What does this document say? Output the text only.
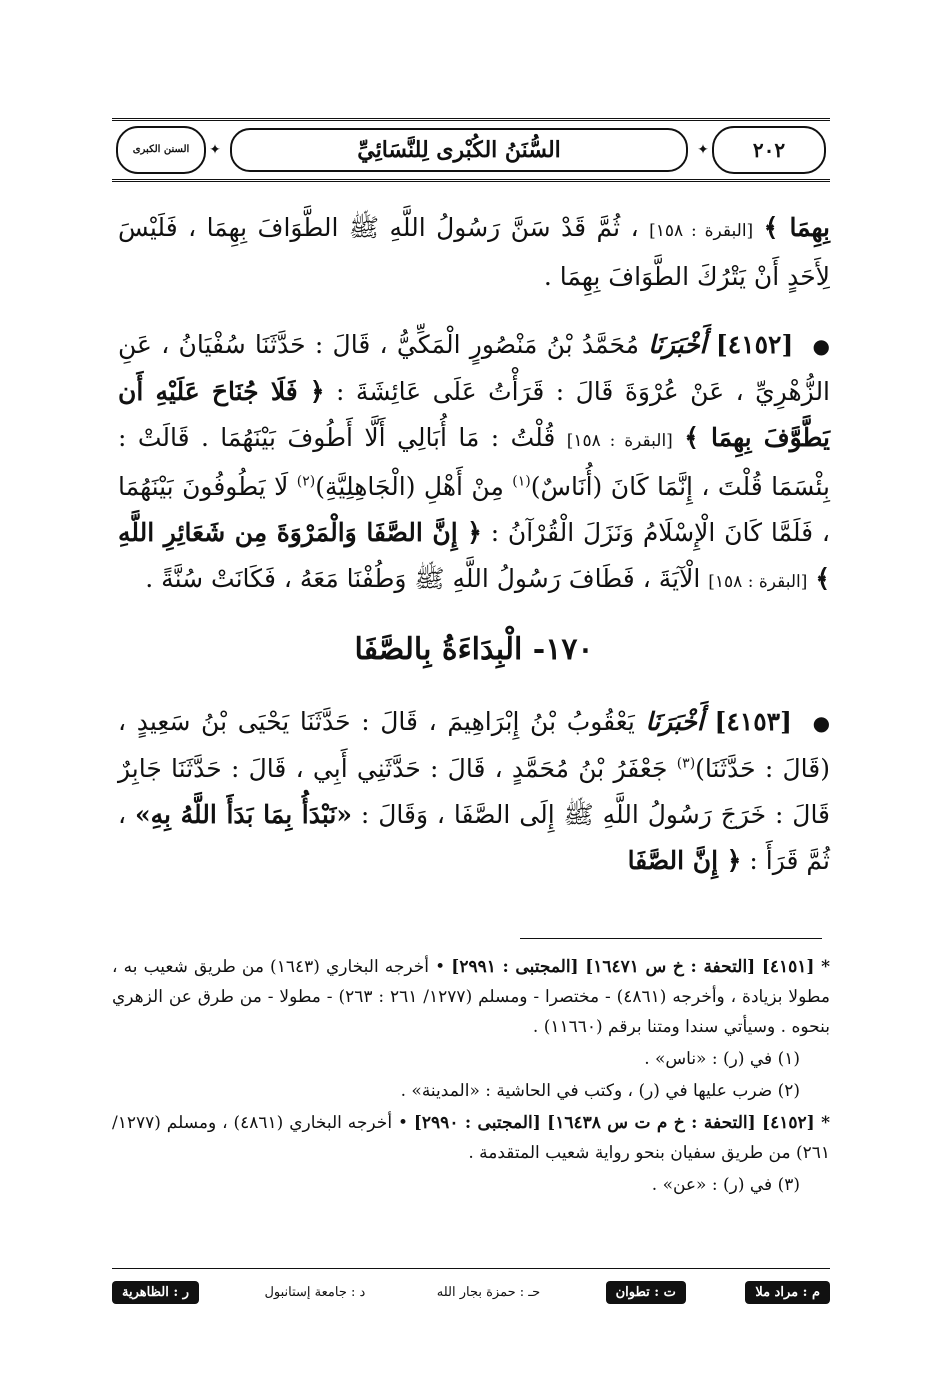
السنن الكبرى ✦	السُّنَنُ الكُبْرى لِلنَّسَائِيِّ	✦	٢٠٢

بِهِمَا ﴾ [البقرة : ١٥٨] ، ثُمَّ قَدْ سَنَّ رَسُولُ اللَّهِ ﷺ الطَّوَافَ بِهِمَا ، فَلَيْسَ لِأَحَدٍ أَنْ يَتْرُكَ الطَّوَافَ بِهِمَا .

● [٤١٥٢] أَخْبَرَنَا مُحَمَّدُ بْنُ مَنْصُورٍ الْمَكِّيُّ ، قَالَ : حَدَّثَنَا سُفْيَانُ ، عَنِ الزُّهْرِيِّ ، عَنْ عُرْوَةَ قَالَ : قَرَأْتُ عَلَى عَائِشَةَ : ﴿ فَلَا جُنَاحَ عَلَيْهِ أَن يَطَّوَّفَ بِهِمَا ﴾ [البقرة : ١٥٨] قُلْتُ : مَا أُبَالِي أَلَّا أَطُوفَ بَيْنَهُمَا . قَالَتْ : بِئْسَمَا قُلْتَ ، إِنَّمَا كَانَ (أُنَاسٌ)$^{(١)}$ مِنْ أَهْلِ (الْجَاهِلِيَّةِ)$^{(٢)}$ لَا يَطُوفُونَ بَيْنَهُمَا ، فَلَمَّا كَانَ الْإِسْلَامُ وَنَزَلَ الْقُرْآنُ : ﴿ إِنَّ الصَّفَا وَالْمَرْوَةَ مِن شَعَائِرِ اللَّهِ ﴾ [البقرة : ١٥٨] الْآيَةَ ، فَطَافَ رَسُولُ اللَّهِ ﷺ وَطُفْنَا مَعَهُ ، فَكَانَتْ سُنَّةً .

١٧٠- الْبِدَاءَةُ بِالصَّفَا

● [٤١٥٣] أَخْبَرَنَا يَعْقُوبُ بْنُ إِبْرَاهِيمَ ، قَالَ : حَدَّثَنَا يَحْيَى بْنُ سَعِيدٍ ، (قَالَ : حَدَّثَنَا)$^{(٣)}$ جَعْفَرُ بْنُ مُحَمَّدٍ ، قَالَ : حَدَّثَنِي أَبِي ، قَالَ : حَدَّثَنَا جَابِرٌ قَالَ : خَرَجَ رَسُولُ اللَّهِ ﷺ إِلَى الصَّفَا ، وَقَالَ : «نَبْدَأُ بِمَا بَدَأَ اللَّهُ بِهِ» ، ثُمَّ قَرَأَ : ﴿ إِنَّ الصَّفَا

* [٤١٥١] [التحفة : خ س ١٦٤٧١] [المجتبى : ٢٩٩١] • أخرجه البخاري (١٦٤٣) من طريق شعيب به ، مطولا بزيادة ، وأخرجه (٤٨٦١) - مختصرا - ومسلم (١٢٧٧/ ٢٦١ : ٢٦٣) - مطولا - من طرق عن الزهري بنحوه . وسيأتي سندا ومتنا برقم (١١٦٦٠) .

(١) في (ر) : «ناس» .

(٢) ضرب عليها في (ر) ، وكتب في الحاشية : «المدينة» .

* [٤١٥٢] [التحفة : خ م ت س ١٦٤٣٨] [المجتبى : ٢٩٩٠] • أخرجه البخاري (٤٨٦١) ، ومسلم (١٢٧٧/ ٢٦١) من طريق سفيان بنحو رواية شعيب المتقدمة .

(٣) في (ر) : «عن» .

م : مراد ملا
ت : تطوان
حـ : حمزة بجار الله
د : جامعة إستانبول
ر : الظاهرية
